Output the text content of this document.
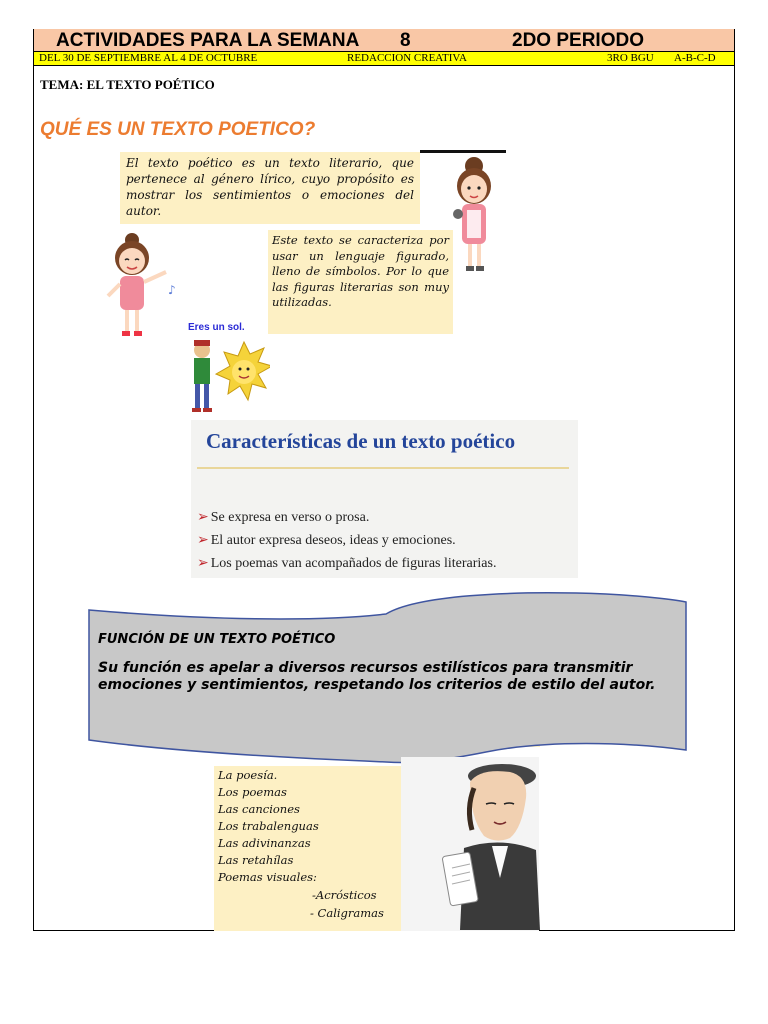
ACTIVIDADES PARA LA SEMANA 8	2DO PERIODO
DEL 30 DE SEPTIEMBRE AL 4 DE OCTUBRE	REDACCION CREATIVA	3RO BGU A-B-C-D
TEMA: EL TEXTO POÉTICO
QUÉ ES UN TEXTO POETICO?
El texto poético es un texto literario, que pertenece al género lírico, cuyo propósito es mostrar los sentimientos o emociones del autor.
Este texto se caracteriza por usar un lenguaje figurado, lleno de símbolos. Por lo que las figuras literarias son muy utilizadas.
♪
Eres un sol.
Características de un texto poético
➢ Se expresa en verso o prosa.
➢ El autor expresa deseos, ideas y emociones.
➢ Los poemas van acompañados de figuras literarias.
FUNCIÓN DE UN TEXTO POÉTICO
Su función es apelar a diversos recursos estilísticos para transmitir emociones y sentimientos, respetando los criterios de estilo del autor.
La poesía.
Los poemas
Las canciones
Los trabalenguas
Las adivinanzas
Las retahílas
Poemas visuales:
-Acrósticos
- Caligramas
